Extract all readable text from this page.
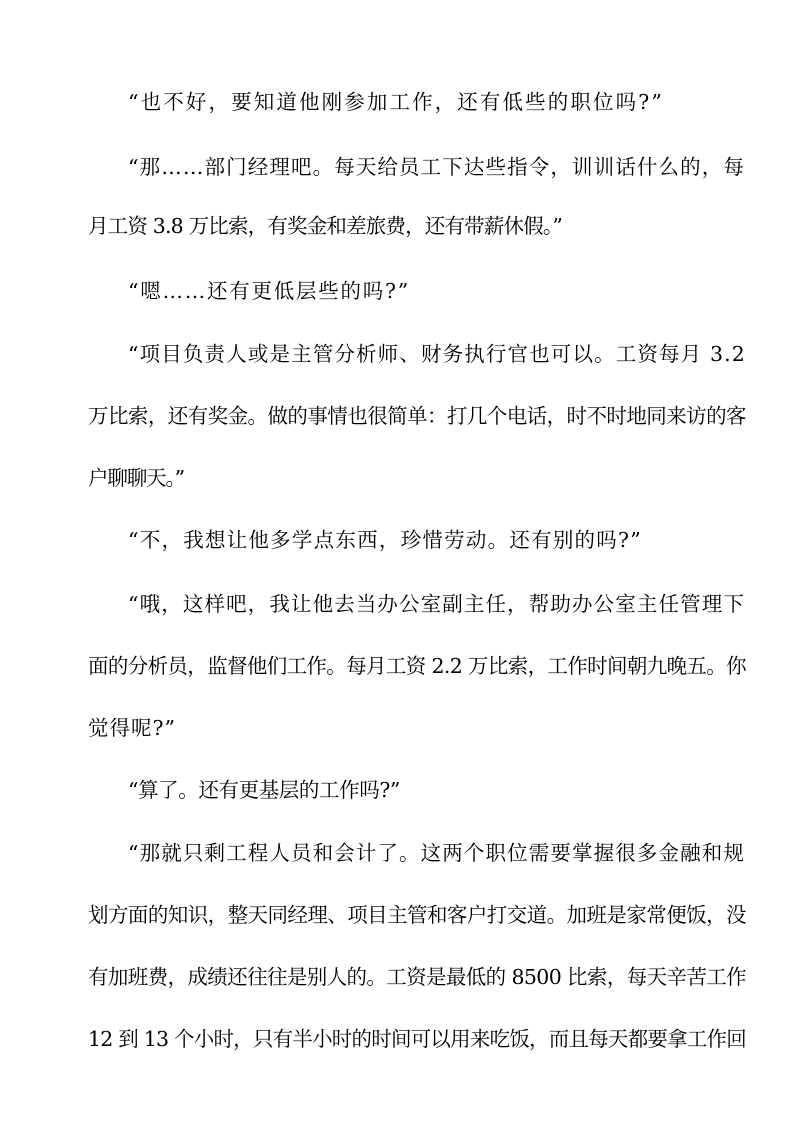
“也不好，要知道他刚参加工作，还有低些的职位吗?”
“那……部门经理吧。每天给员工下达些指令，训训话什么的，每
月工资 3.8 万比索，有奖金和差旅费，还有带薪休假。”
“嗯……还有更低层些的吗?”
“项目负责人或是主管分析师、财务执行官也可以。工资每月 3.2
万比索，还有奖金。做的事情也很简单：打几个电话，时不时地同来访的客
户聊聊天。”
“不，我想让他多学点东西，珍惜劳动。还有别的吗?”
“哦，这样吧，我让他去当办公室副主任，帮助办公室主任管理下
面的分析员，监督他们工作。每月工资 2.2 万比索，工作时间朝九晚五。你
觉得呢?”
“算了。还有更基层的工作吗?”
“那就只剩工程人员和会计了。这两个职位需要掌握很多金融和规
划方面的知识，整天同经理、项目主管和客户打交道。加班是家常便饭，没
有加班费，成绩还往往是别人的。工资是最低的 8500 比索，每天辛苦工作
12 到 13 个小时，只有半小时的时间可以用来吃饭，而且每天都要拿工作回
